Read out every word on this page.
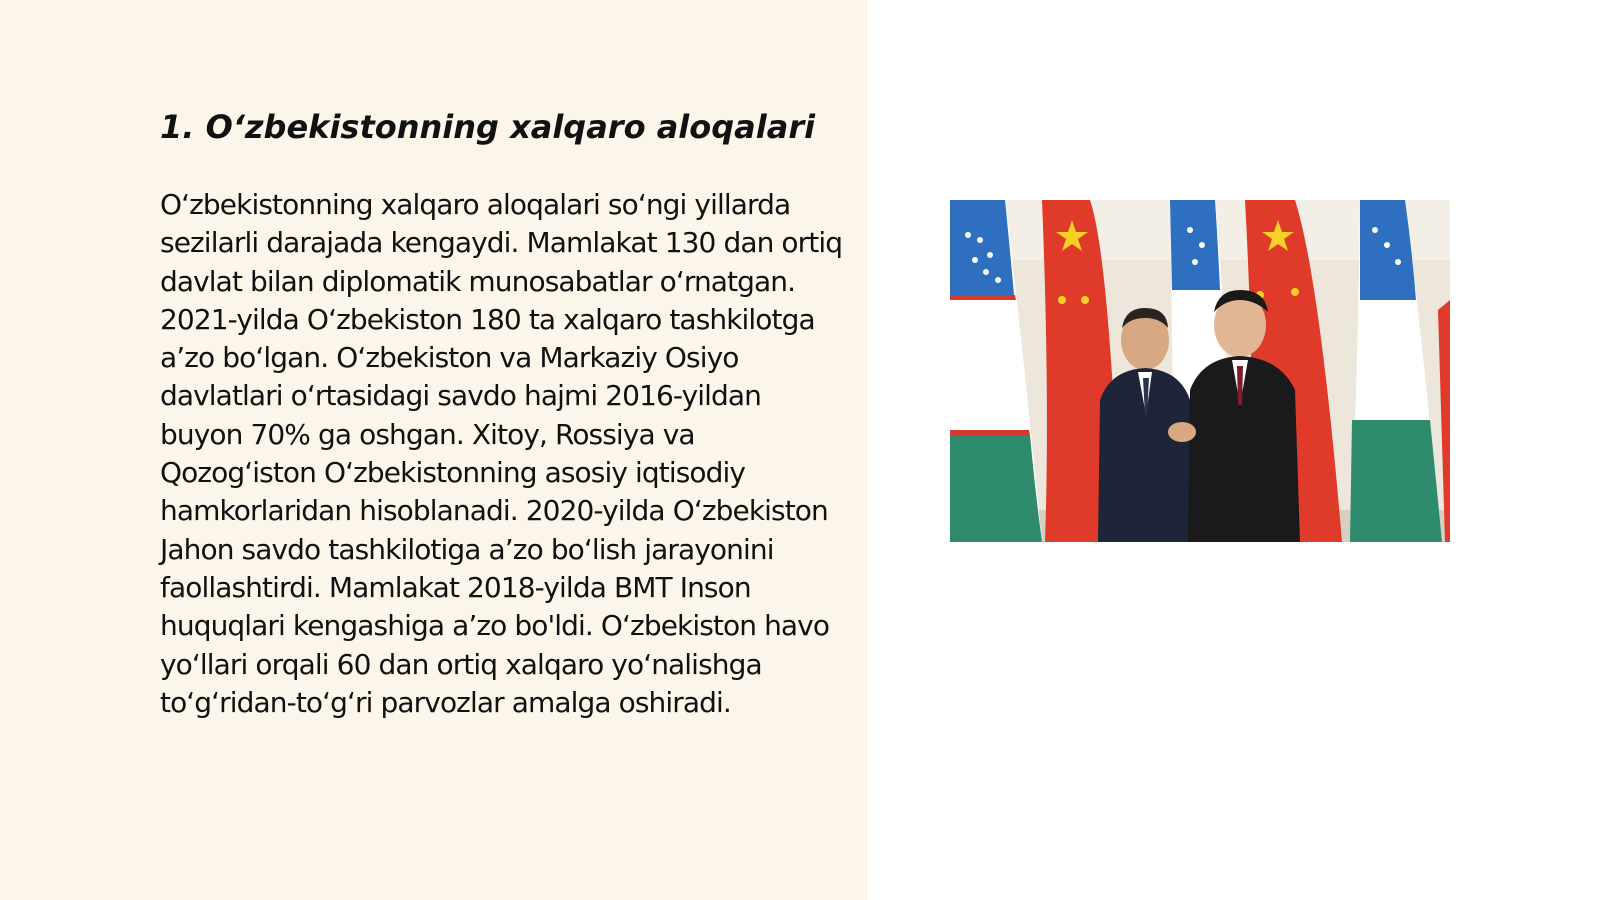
1. O‘zbekistonning xalqaro aloqalari

O‘zbekistonning xalqaro aloqalari so‘ngi yillarda sezilarli darajada kengaydi. Mamlakat 130 dan ortiq davlat bilan diplomatik munosabatlar o‘rnatgan. 2021-yilda O‘zbekiston 180 ta xalqaro tashkilotga a’zo bo‘lgan. O‘zbekiston va Markaziy Osiyo davlatlari o‘rtasidagi savdo hajmi 2016-yildan buyon 70% ga oshgan. Xitoy, Rossiya va Qozog‘iston O‘zbekistonning asosiy iqtisodiy hamkorlaridan hisoblanadi. 2020-yilda O‘zbekiston Jahon savdo tashkilotiga a’zo bo‘lish jarayonini faollashtirdi. Mamlakat 2018-yilda BMT Inson huquqlari kengashiga a’zo bo'ldi. O‘zbekiston havo yo‘llari orqali 60 dan ortiq xalqaro yo‘nalishga to‘g‘ridan-to‘g‘ri parvozlar amalga oshiradi.
